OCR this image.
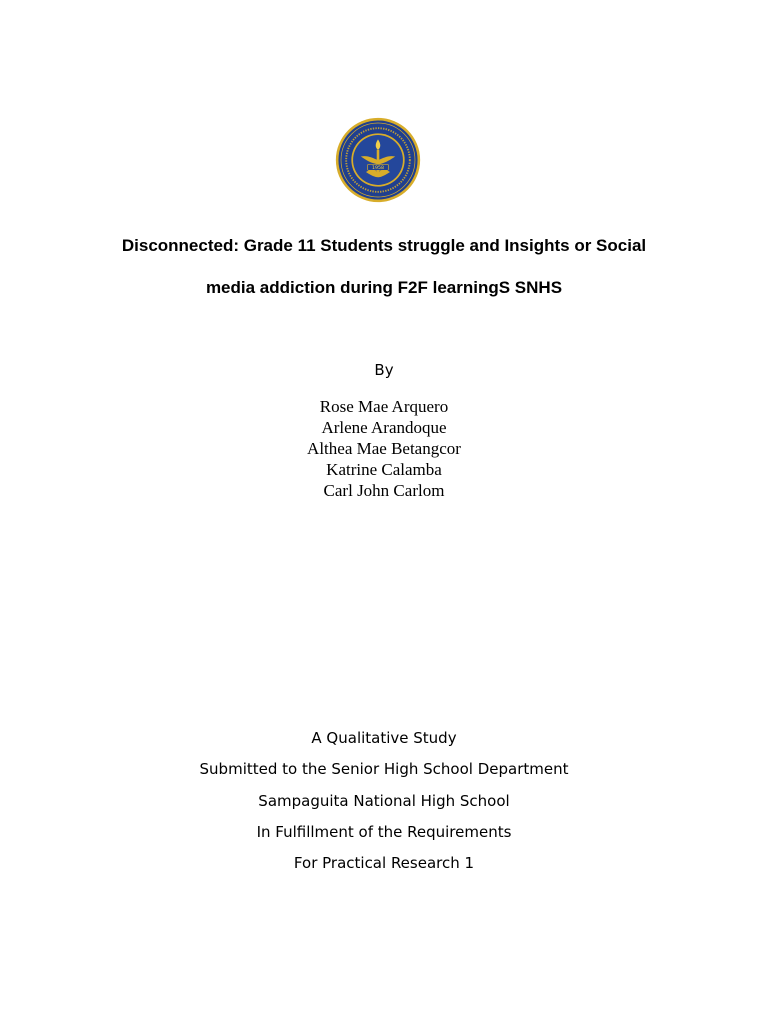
1958
Disconnected: Grade 11 Students struggle and Insights or Social
media addiction during F2F learningS SNHS
By
Rose Mae Arquero
Arlene Arandoque
Althea Mae Betangcor
Katrine Calamba
Carl John Carlom
A Qualitative Study
Submitted to the Senior High School Department
Sampaguita National High School
In Fulfillment of the Requirements
For Practical Research 1
